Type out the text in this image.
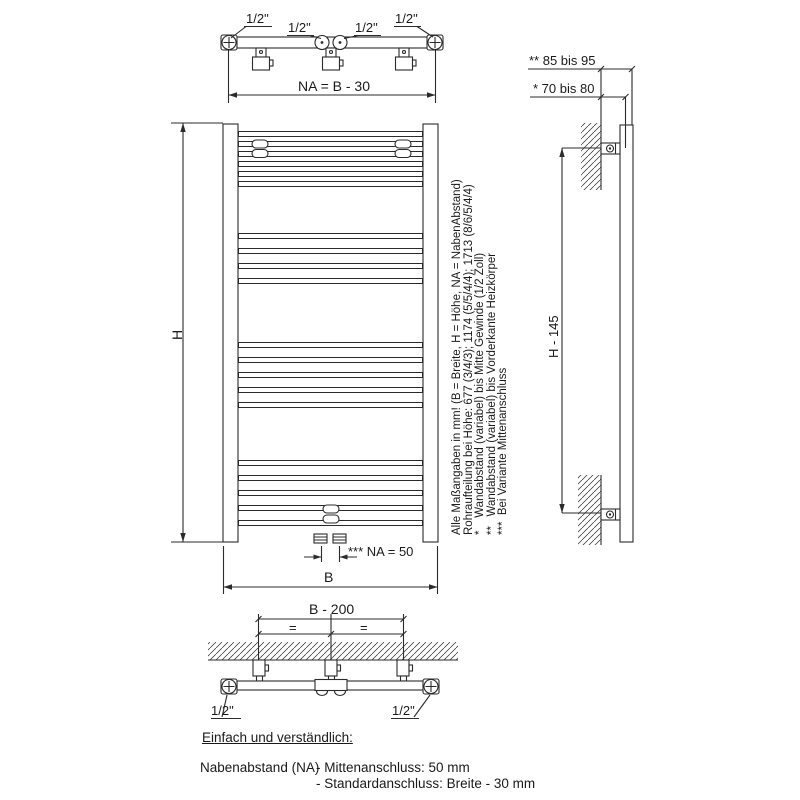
1/2"
1/2"	1/2"
1/2"
NA = B - 30
H
*** NA = 50
B
** 85 bis 95
* 70 bis 80
H - 145
Alle Maßangaben in mm! (B = Breite, H = Höhe, NA = NabenAbstand) Rohraufteilung bei Höhe: 677 (3/4/3); 1174 (5/5/4/4); 1713 (8/6/5/4/4) *    Wandabstand (variabel) bis Mitte Gewinde (1/2 Zoll) **   Wandabstand (variabel) bis Vorderkante Heizkörper ***  Bei Variante Mittenanschluss
B - 200
=	=
1/2"	1/2"
Einfach und verständlich:
Nabenabstand (NA)
- Mittenanschluss: 50 mm
- Standardanschluss: Breite - 30 mm
